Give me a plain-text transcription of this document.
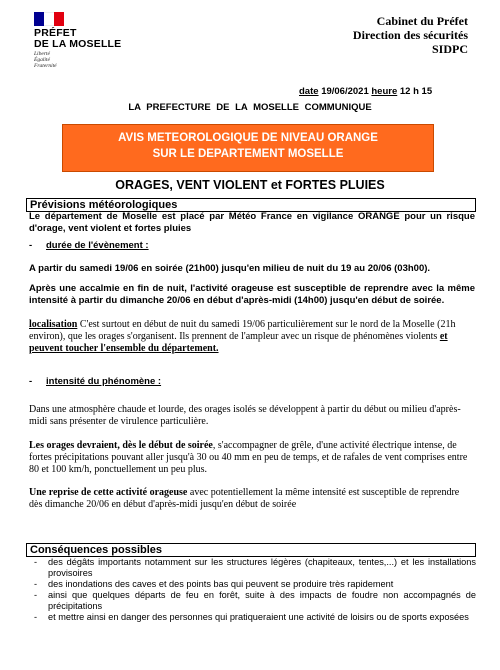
PRÉFET
DE LA MOSELLE
Liberté
Égalité
Fraternité
Cabinet du Préfet
Direction des sécurités
SIDPC
date 19/06/2021 heure 12 h 15
LA PREFECTURE DE LA MOSELLE COMMUNIQUE
AVIS METEOROLOGIQUE DE NIVEAU ORANGE
SUR LE DEPARTEMENT MOSELLE
ORAGES, VENT VIOLENT et FORTES PLUIES
Prévisions météorologiques

Le département de Moselle est placé par Météo France en vigilance ORANGE pour un risque d'orage, vent violent et fortes pluies

- durée de l'évènement :

A partir du samedi 19/06 en soirée (21h00) jusqu'en milieu de nuit du 19 au 20/06 (03h00).

Après une accalmie en fin de nuit, l'activité orageuse est susceptible de reprendre avec la même intensité à partir du dimanche 20/06 en début d'après-midi (14h00) jusqu'en début de soirée.

localisation C'est surtout en début de nuit du samedi 19/06 particulièrement sur le nord de la Moselle (21h environ), que les orages s'organisent. Ils prennent de l'ampleur avec un risque de phénomènes violents et peuvent toucher l'ensemble du département.

- intensité du phénomène :

Dans une atmosphère chaude et lourde, des orages isolés se développent à partir du début ou milieu d'après-midi sans présenter de virulence particulière.

Les orages devraient, dès le début de soirée, s'accompagner de grêle, d'une activité électrique intense, de fortes précipitations pouvant aller jusqu'à 30 ou 40 mm en peu de temps, et de rafales de vent comprises entre 80 et 100 km/h, ponctuellement un peu plus.

Une reprise de cette activité orageuse avec potentiellement la même intensité est susceptible de reprendre dès dimanche 20/06 en début d'après-midi jusqu'en début de soirée

Conséquences possibles
- des dégâts importants notamment sur les structures légères (chapiteaux, tentes,...) et les installations provisoires
- des inondations des caves et des points bas qui peuvent se produire très rapidement
- ainsi que quelques départs de feu en forêt, suite à des impacts de foudre non accompagnés de précipitations
- et mettre ainsi en danger des personnes qui pratiqueraient une activité de loisirs ou de sports exposées
